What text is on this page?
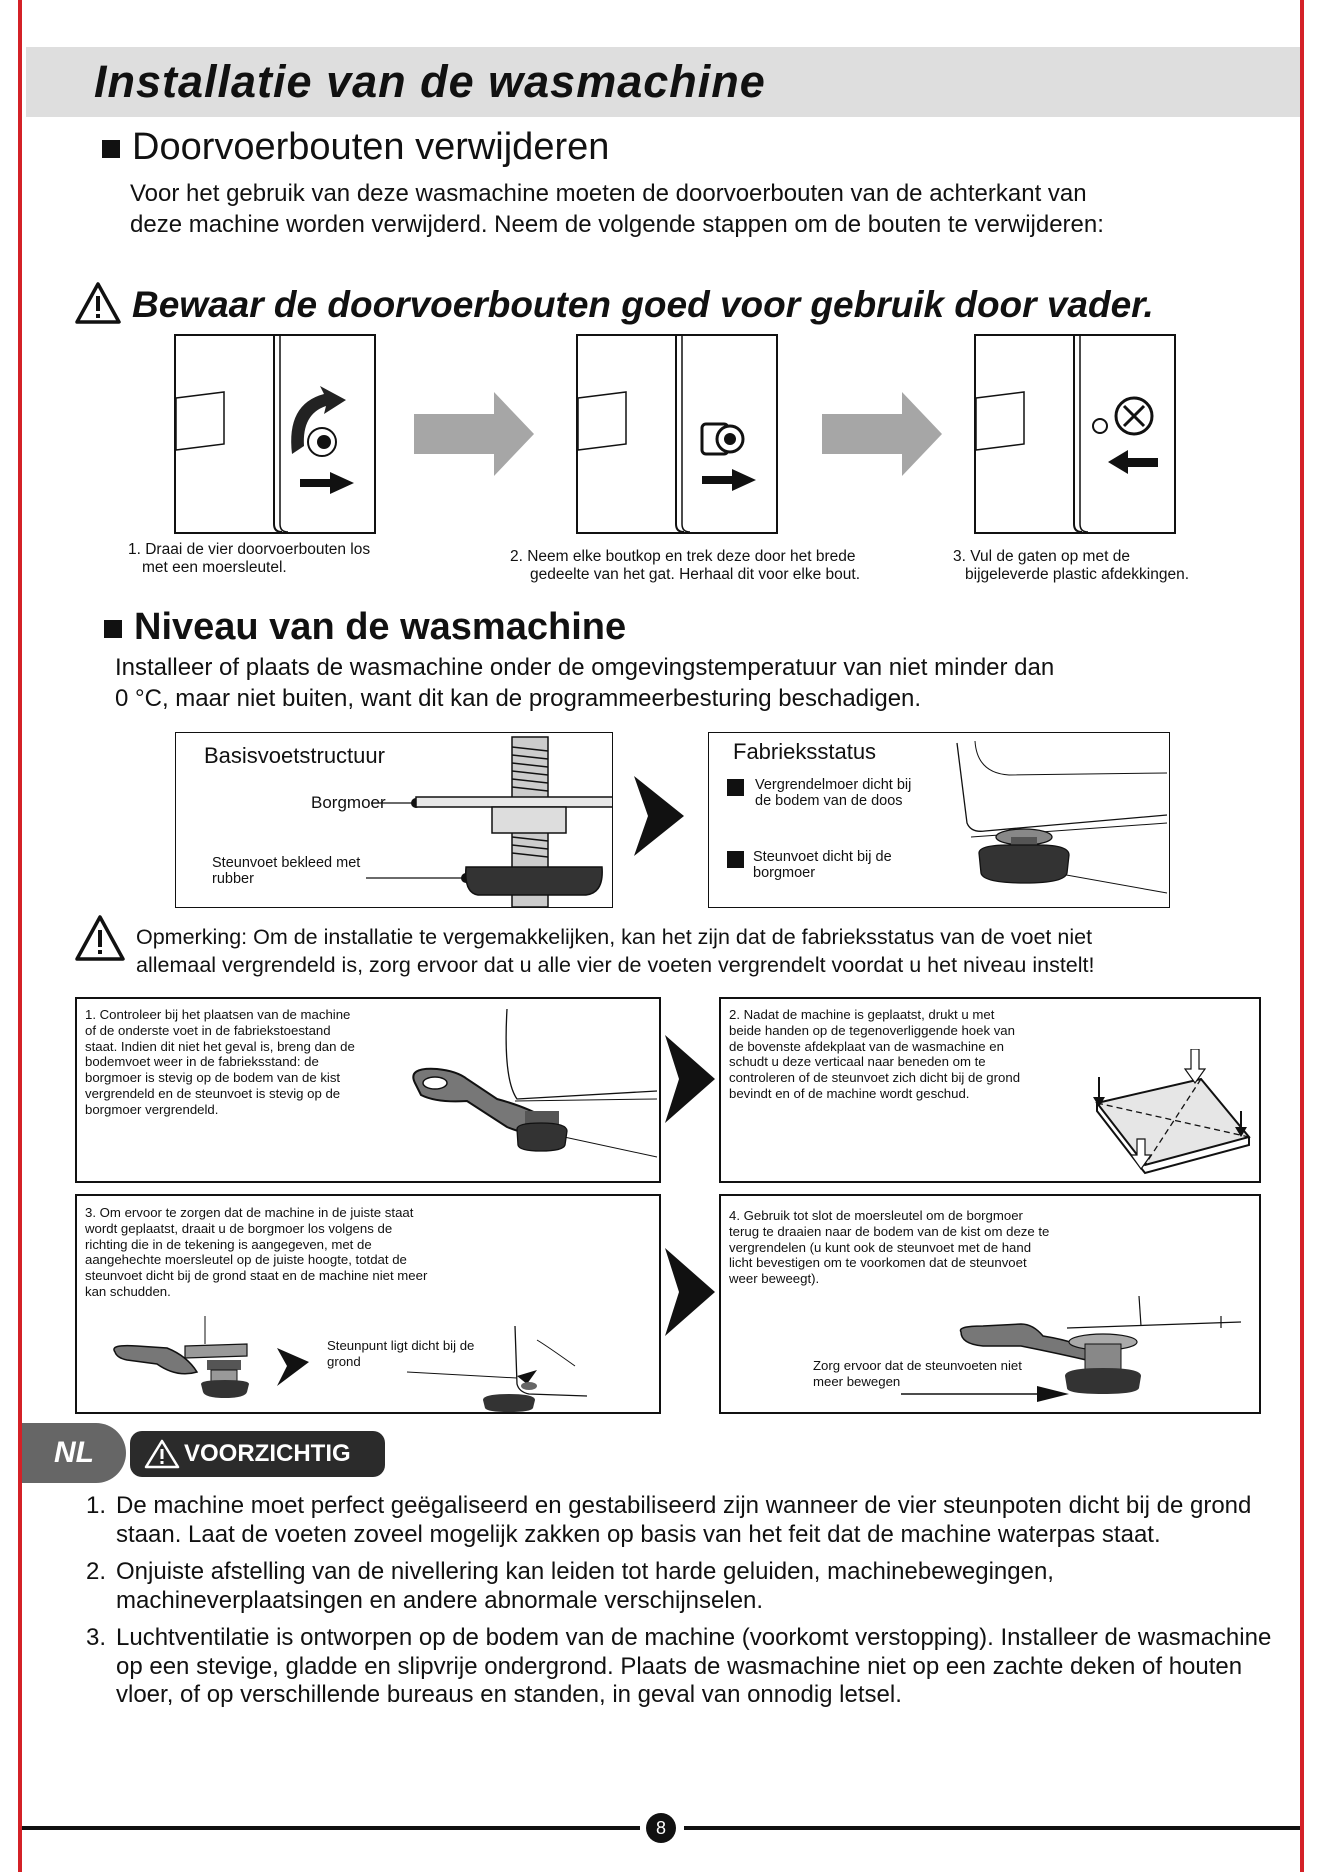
Installatie van de wasmachine
Doorvoerbouten verwijderen
Voor het gebruik van deze wasmachine moeten de doorvoerbouten van de achterkant van
deze machine worden verwijderd. Neem de volgende stappen om de bouten te verwijderen:
Bewaar de doorvoerbouten goed voor gebruik door vader.
1. Draai de vier doorvoerbouten los
met een moersleutel.
2. Neem elke boutkop en trek deze door het brede
gedeelte van het gat. Herhaal dit voor elke bout.
3. Vul de gaten op met de
bijgeleverde plastic afdekkingen.
Niveau van de wasmachine
Installeer of plaats de wasmachine onder de omgevingstemperatuur van niet minder dan
0 °C, maar niet buiten, want dit kan de programmeerbesturing beschadigen.
Basisvoetstructuur
Borgmoer
Steunvoet bekleed met
rubber
Fabrieksstatus
Vergrendelmoer dicht bij
de bodem van de doos
Steunvoet dicht bij de
borgmoer
Opmerking: Om de installatie te vergemakkelijken, kan het zijn dat de fabrieksstatus van de voet niet
allemaal vergrendeld is, zorg ervoor dat u alle vier de voeten vergrendelt voordat u het niveau instelt!
1. Controleer bij het plaatsen van de machine
of de onderste voet in de fabriekstoestand
staat. Indien dit niet het geval is, breng dan de
bodemvoet weer in de fabrieksstand: de
borgmoer is stevig op de bodem van de kist
vergrendeld en de steunvoet is stevig op de
borgmoer vergrendeld.
2. Nadat de machine is geplaatst, drukt u met
beide handen op de tegenoverliggende hoek van
de bovenste afdekplaat van de wasmachine en
schudt u deze verticaal naar beneden om te
controleren of de steunvoet zich dicht bij de grond
bevindt en of de machine wordt geschud.
3. Om ervoor te zorgen dat de machine in de juiste staat
wordt geplaatst, draait u de borgmoer los volgens de
richting die in de tekening is aangegeven, met de
aangehechte moersleutel op de juiste hoogte, totdat de
steunvoet dicht bij de grond staat en de machine niet meer
kan schudden.
Steunpunt ligt dicht bij de
grond
4. Gebruik tot slot de moersleutel om de borgmoer
terug te draaien naar de bodem van de kist om deze te
vergrendelen (u kunt ook de steunvoet met de hand
licht bevestigen om te voorkomen dat de steunvoet
weer beweegt).
Zorg ervoor dat de steunvoeten niet
meer bewegen
NL	VOORZICHTIG
1. De machine moet perfect geëgaliseerd en gestabiliseerd zijn wanneer de vier steunpoten dicht bij de grond staan. Laat de voeten zoveel mogelijk zakken op basis van het feit dat de machine waterpas staat.
2. Onjuiste afstelling van de nivellering kan leiden tot harde geluiden, machinebewegingen, machineverplaatsingen en andere abnormale verschijnselen.
3. Luchtventilatie is ontworpen op de bodem van de machine (voorkomt verstopping). Installeer de wasmachine op een stevige, gladde en slipvrije ondergrond. Plaats de wasmachine niet op een zachte deken of houten vloer, of op verschillende bureaus en standen, in geval van onnodig letsel.
8
